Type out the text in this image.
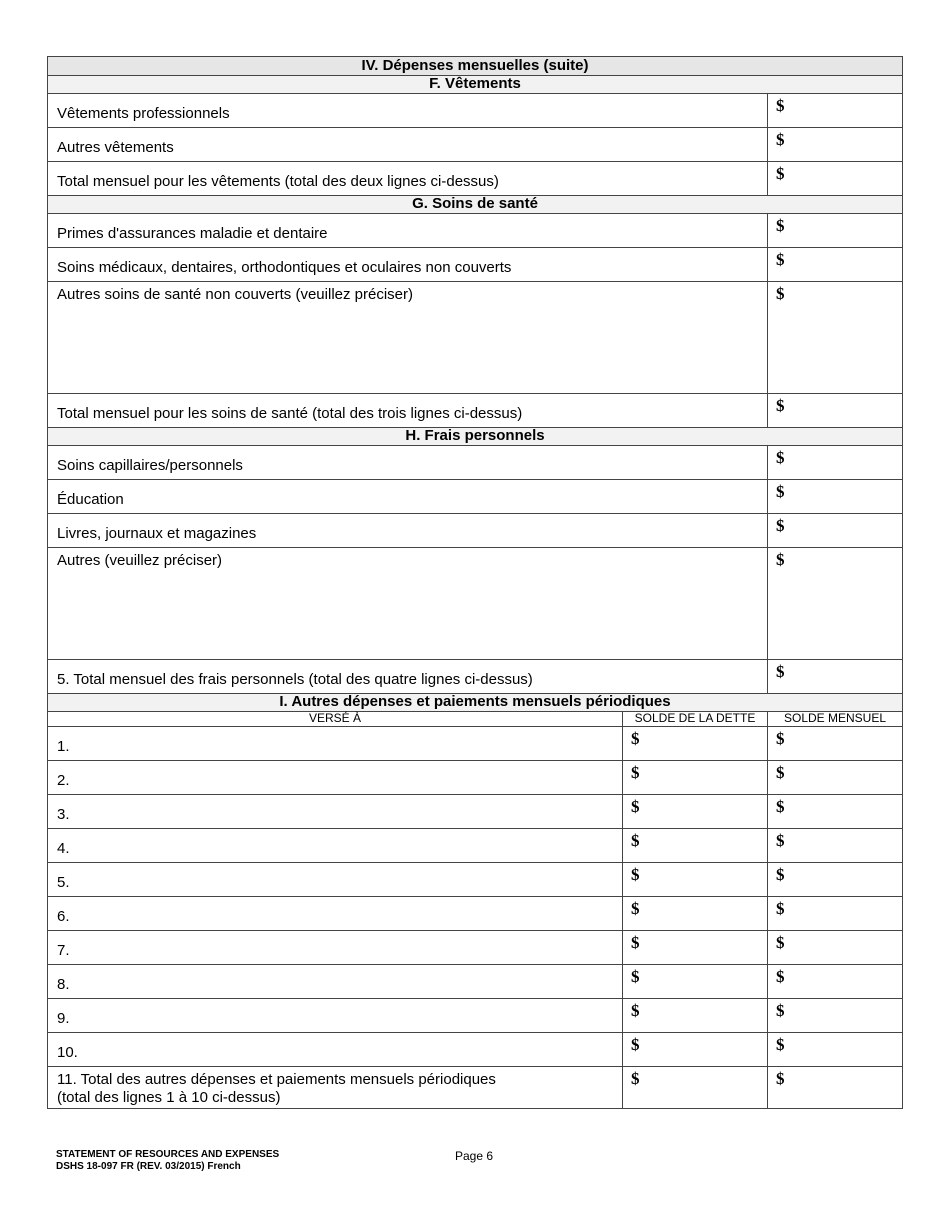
IV. Dépenses mensuelles (suite)		
F. Vêtements		
Vêtements professionnels		$
Autres vêtements		$
Total mensuel pour les vêtements (total des deux lignes ci-dessus)		$
G. Soins de santé		
Primes d'assurances maladie et dentaire		$
Soins médicaux, dentaires, orthodontiques et oculaires non couverts		$
Autres soins de santé non couverts (veuillez préciser)		$
Total mensuel pour les soins de santé (total des trois lignes ci-dessus)		$
H. Frais personnels		
Soins capillaires/personnels		$
Éducation		$
Livres, journaux et magazines		$
Autres (veuillez préciser)		$
5. Total mensuel des frais personnels (total des quatre lignes ci-dessus)		$
I. Autres dépenses et paiements mensuels périodiques		
VERSÉ À	SOLDE DE LA DETTE	SOLDE MENSUEL
1.	$	$
2.	$	$
3.	$	$
4.	$	$
5.	$	$
6.	$	$
7.	$	$
8.	$	$
9.	$	$
10.	$	$

11. Total des autres dépenses et paiements mensuels périodiques
(total des lignes 1 à 10 ci-dessus)	$	$
STATEMENT OF RESOURCES AND EXPENSES
DSHS 18-097 FR (REV. 03/2015) French
Page 6
